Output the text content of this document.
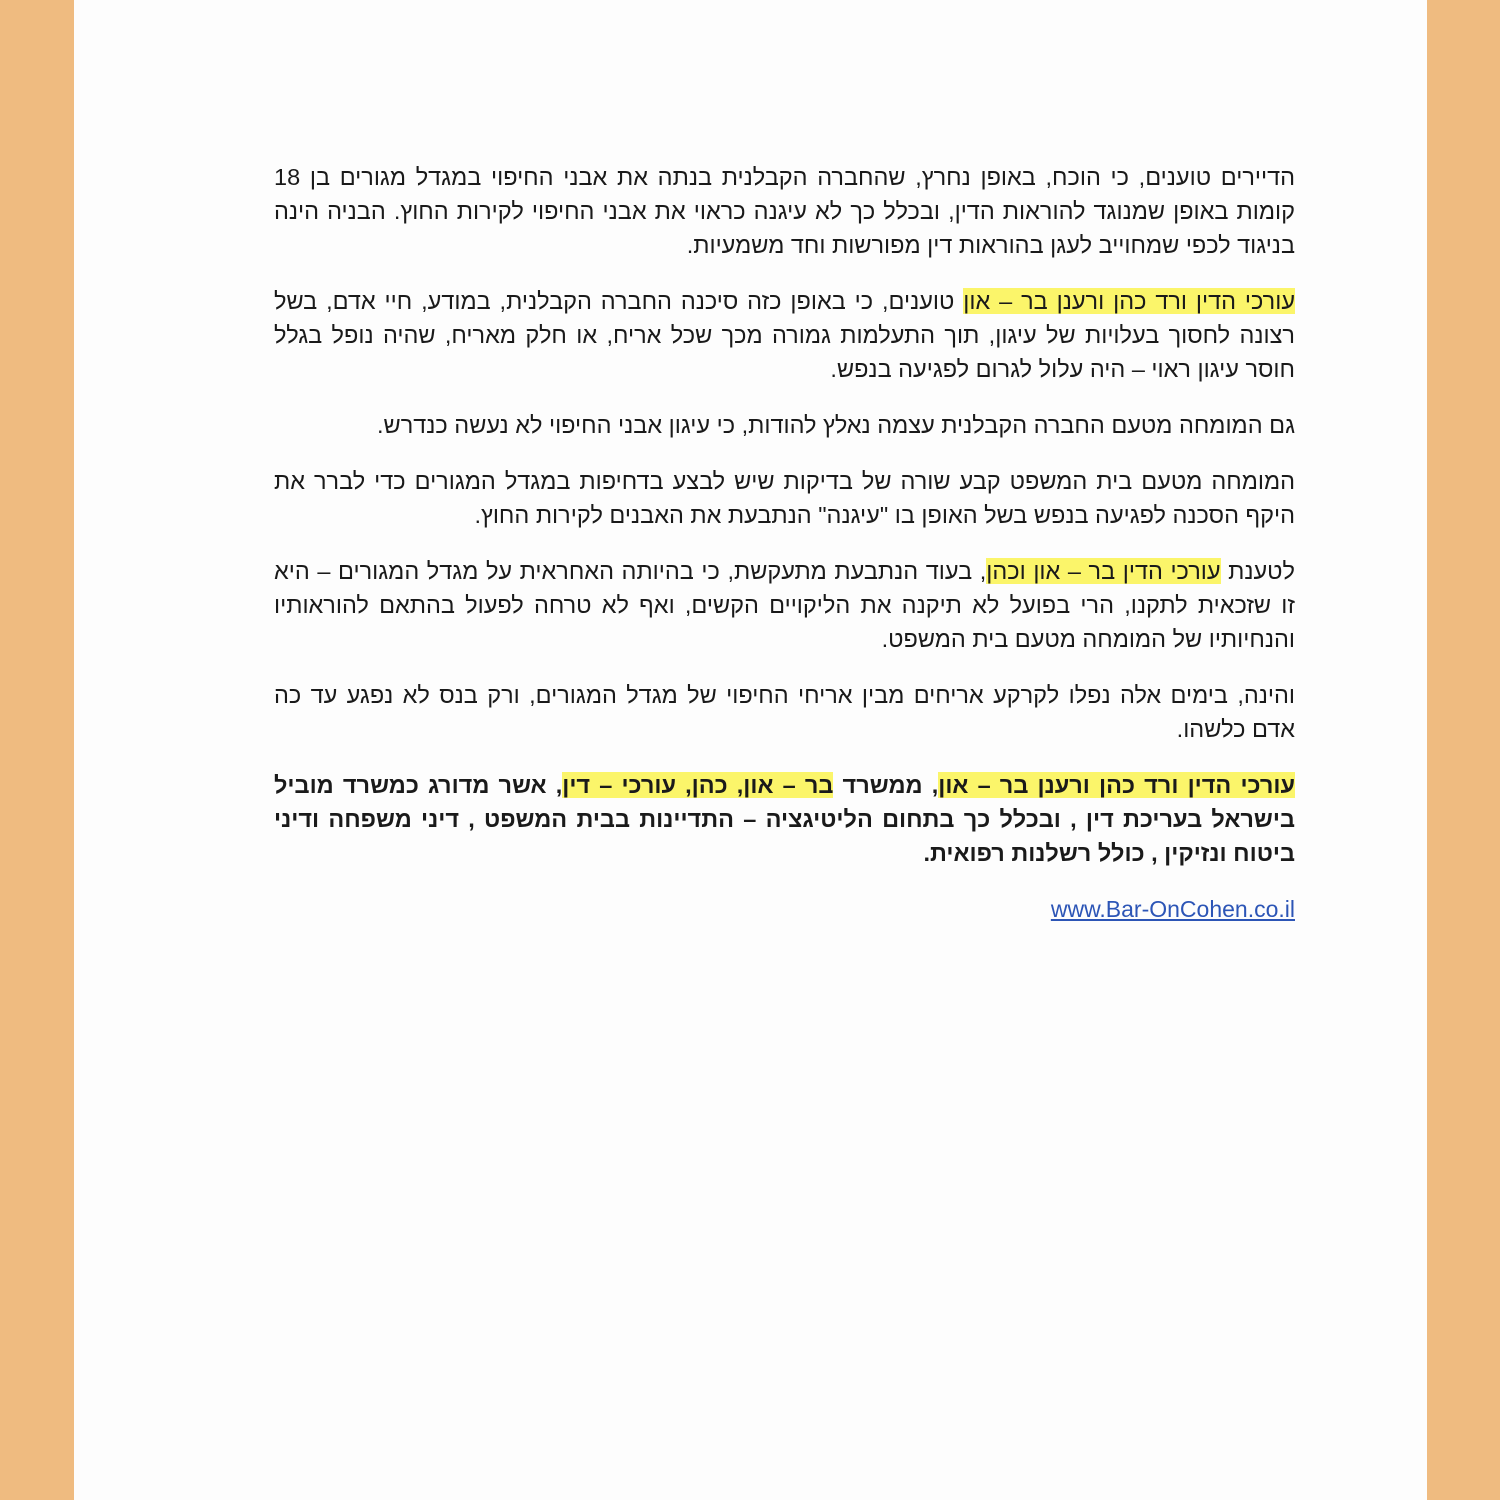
הדיירים טוענים, כי הוכח, באופן נחרץ, שהחברה הקבלנית בנתה את אבני החיפוי במגדל מגורים בן 18 קומות באופן שמנוגד להוראות הדין, ובכלל כך לא עיגנה כראוי את אבני החיפוי לקירות החוץ. הבניה הינה בניגוד לכפי שמחוייב לעגן בהוראות דין מפורשות וחד משמעיות.

עורכי הדין ורד כהן ורענן בר – און טוענים, כי באופן כזה סיכנה החברה הקבלנית, במודע, חיי אדם, בשל רצונה לחסוך בעלויות של עיגון, תוך התעלמות גמורה מכך שכל אריח, או חלק מאריח, שהיה נופל בגלל חוסר עיגון ראוי – היה עלול לגרום לפגיעה בנפש.

גם המומחה מטעם החברה הקבלנית עצמה נאלץ להודות, כי עיגון אבני החיפוי לא נעשה כנדרש.

המומחה מטעם בית המשפט קבע שורה של בדיקות שיש לבצע בדחיפות במגדל המגורים כדי לברר את היקף הסכנה לפגיעה בנפש בשל האופן בו "עיגנה" הנתבעת את האבנים לקירות החוץ.

לטענת עורכי הדין בר – און וכהן, בעוד הנתבעת מתעקשת, כי בהיותה האחראית על מגדל המגורים – היא זו שזכאית לתקנו, הרי בפועל לא תיקנה את הליקויים הקשים, ואף לא טרחה לפעול בהתאם להוראותיו והנחיותיו של המומחה מטעם בית המשפט.

והינה, בימים אלה נפלו לקרקע אריחים מבין אריחי החיפוי של מגדל המגורים, ורק בנס לא נפגע עד כה אדם כלשהו.

עורכי הדין ורד כהן ורענן בר – און, ממשרד בר – און, כהן, עורכי – דין, אשר מדורג כמשרד מוביל בישראל בעריכת דין , ובכלל כך בתחום הליטיגציה – התדיינות בבית המשפט , דיני משפחה ודיני ביטוח ונזיקין , כולל רשלנות רפואית.

www.Bar-OnCohen.co.il
